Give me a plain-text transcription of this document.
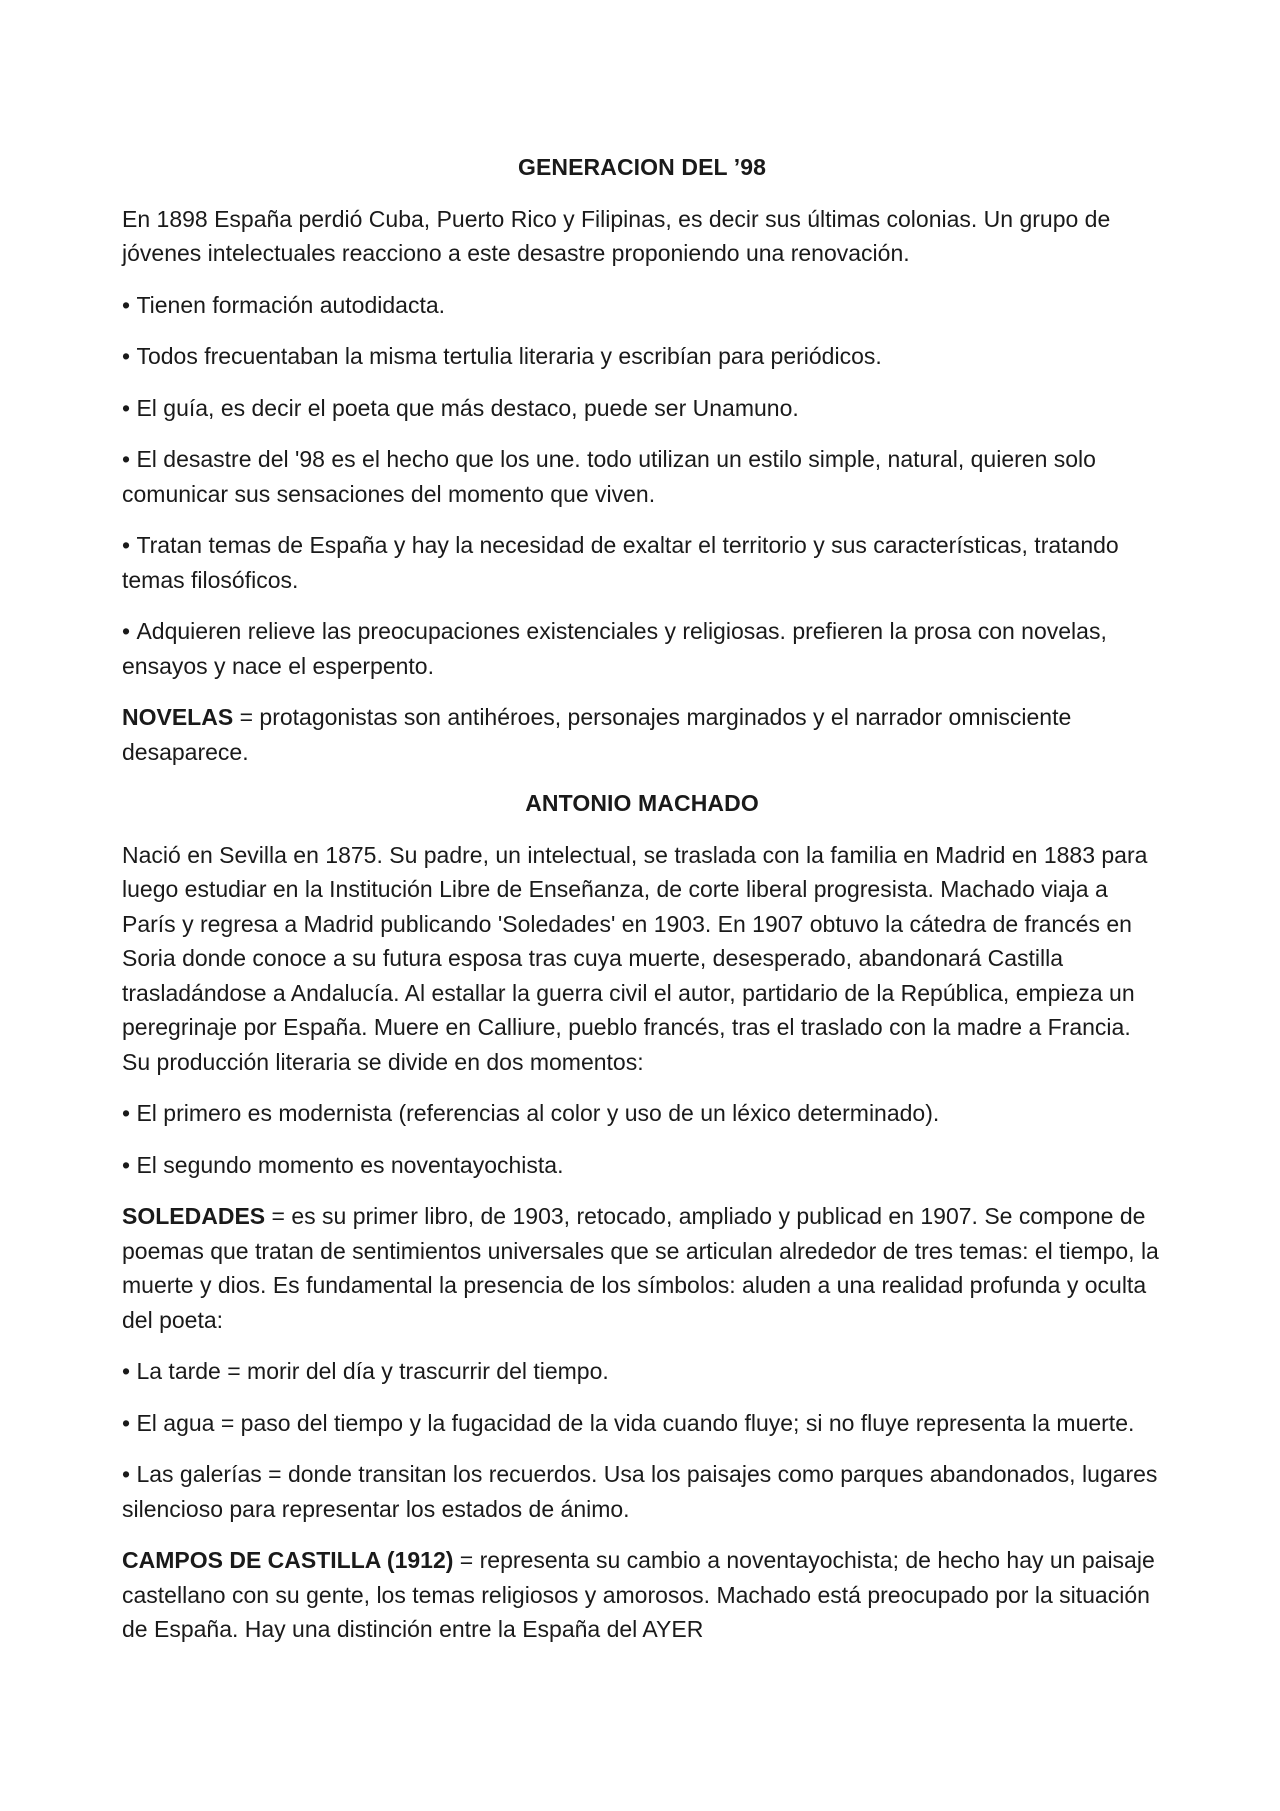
GENERACION DEL ’98

En 1898 España perdió Cuba, Puerto Rico y Filipinas, es decir sus últimas colonias. Un grupo de jóvenes intelectuales reacciono a este desastre proponiendo una renovación.

• Tienen formación autodidacta.

• Todos frecuentaban la misma tertulia literaria y escribían para periódicos.

• El guía, es decir el poeta que más destaco, puede ser Unamuno.

• El desastre del '98 es el hecho que los une. todo utilizan un estilo simple, natural, quieren solo comunicar sus sensaciones del momento que viven.

• Tratan temas de España y hay la necesidad de exaltar el territorio y sus características, tratando temas filosóficos.

• Adquieren relieve las preocupaciones existenciales y religiosas. prefieren la prosa con novelas, ensayos y nace el esperpento.

NOVELAS = protagonistas son antihéroes, personajes marginados y el narrador omnisciente desaparece.

ANTONIO MACHADO

Nació en Sevilla en 1875. Su padre, un intelectual, se traslada con la familia en Madrid en 1883 para luego estudiar en la Institución Libre de Enseñanza, de corte liberal progresista. Machado viaja a París y regresa a Madrid publicando 'Soledades' en 1903. En 1907 obtuvo la cátedra de francés en Soria donde conoce a su futura esposa tras cuya muerte, desesperado, abandonará Castilla trasladándose a Andalucía. Al estallar la guerra civil el autor, partidario de la República, empieza un peregrinaje por España. Muere en Calliure, pueblo francés, tras el traslado con la madre a Francia. Su producción literaria se divide en dos momentos:

• El primero es modernista (referencias al color y uso de un léxico determinado).

• El segundo momento es noventayochista.

SOLEDADES = es su primer libro, de 1903, retocado, ampliado y publicad en 1907. Se compone de poemas que tratan de sentimientos universales que se articulan alrededor de tres temas: el tiempo, la muerte y dios. Es fundamental la presencia de los símbolos: aluden a una realidad profunda y oculta del poeta:

• La tarde = morir del día y trascurrir del tiempo.

• El agua = paso del tiempo y la fugacidad de la vida cuando fluye; si no fluye representa la muerte.

• Las galerías = donde transitan los recuerdos. Usa los paisajes como parques abandonados, lugares silencioso para representar los estados de ánimo.

CAMPOS DE CASTILLA (1912) = representa su cambio a noventayochista; de hecho hay un paisaje castellano con su gente, los temas religiosos y amorosos. Machado está preocupado por la situación de España. Hay una distinción entre la España del AYER
